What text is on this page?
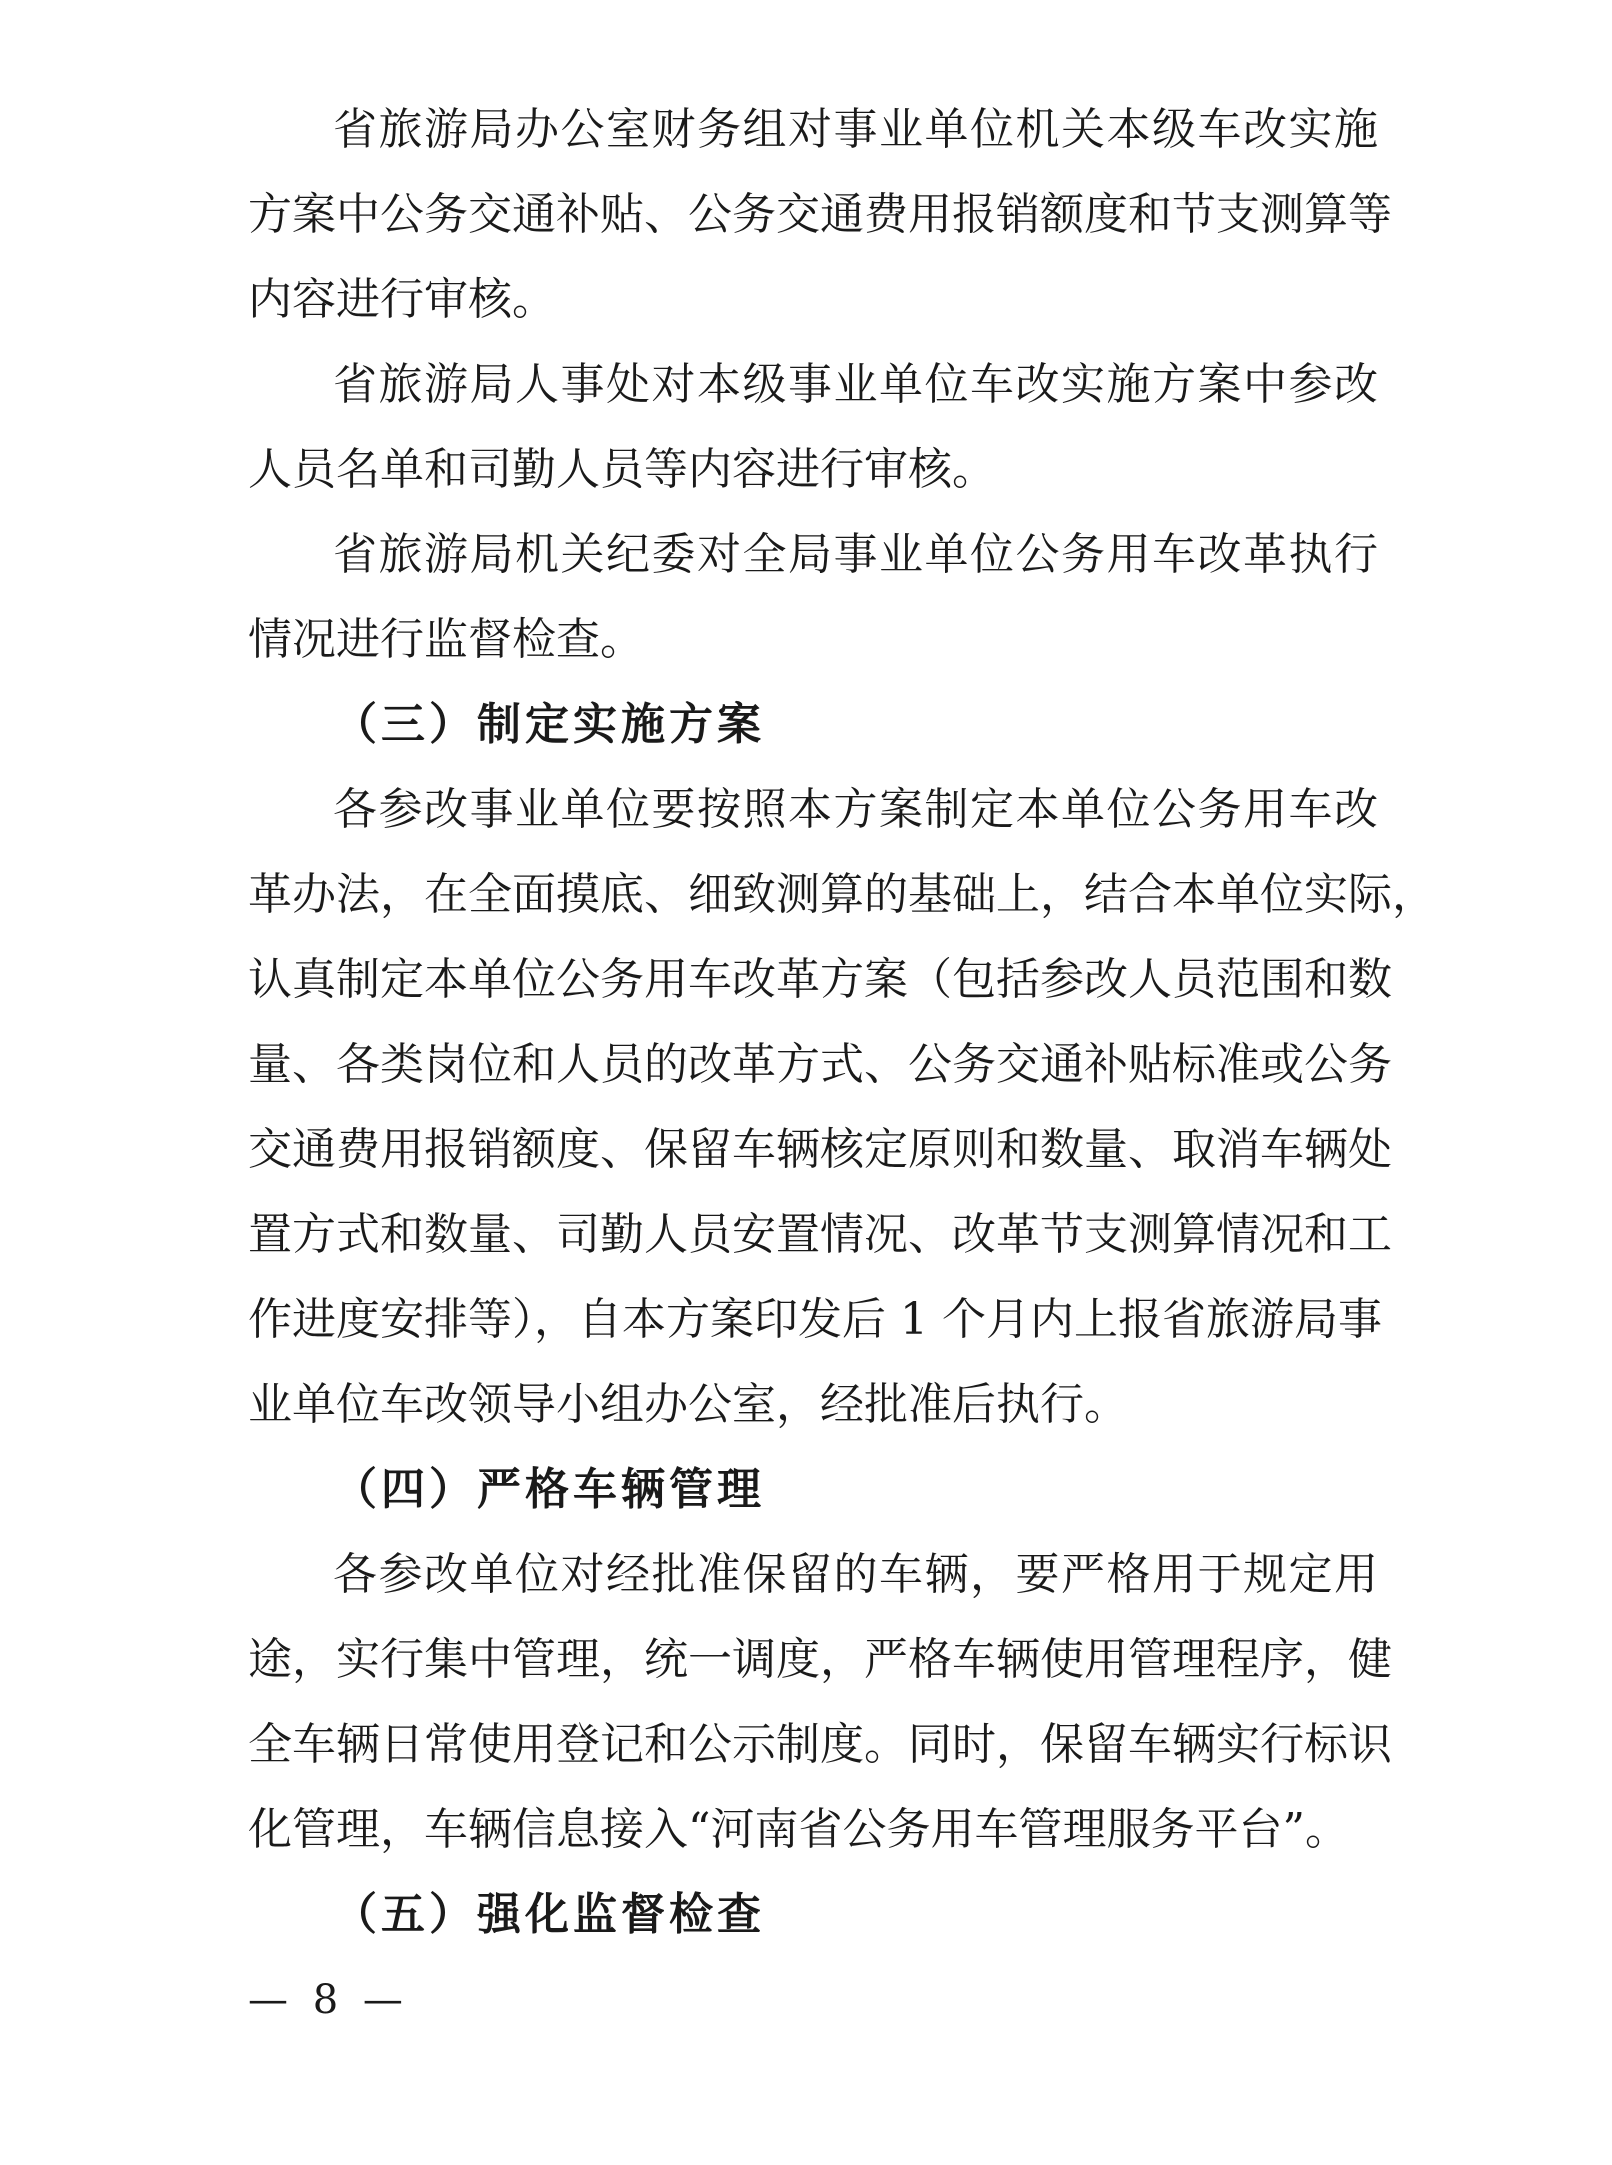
省旅游局办公室财务组对事业单位机关本级车改实施
方案中公务交通补贴、公务交通费用报销额度和节支测算等
内容进行审核。
省旅游局人事处对本级事业单位车改实施方案中参改
人员名单和司勤人员等内容进行审核。
省旅游局机关纪委对全局事业单位公务用车改革执行
情况进行监督检查。
（三）制定实施方案
各参改事业单位要按照本方案制定本单位公务用车改
革办法，在全面摸底、细致测算的基础上，结合本单位实际，
认真制定本单位公务用车改革方案（包括参改人员范围和数
量、各类岗位和人员的改革方式、公务交通补贴标准或公务
交通费用报销额度、保留车辆核定原则和数量、取消车辆处
置方式和数量、司勤人员安置情况、改革节支测算情况和工
作进度安排等），自本方案印发后 1 个月内上报省旅游局事
业单位车改领导小组办公室，经批准后执行。
（四）严格车辆管理
各参改单位对经批准保留的车辆，要严格用于规定用
途，实行集中管理，统一调度，严格车辆使用管理程序，健
全车辆日常使用登记和公示制度。同时，保留车辆实行标识
化管理，车辆信息接入“河南省公务用车管理服务平台”。
（五）强化监督检查
— 8 —
